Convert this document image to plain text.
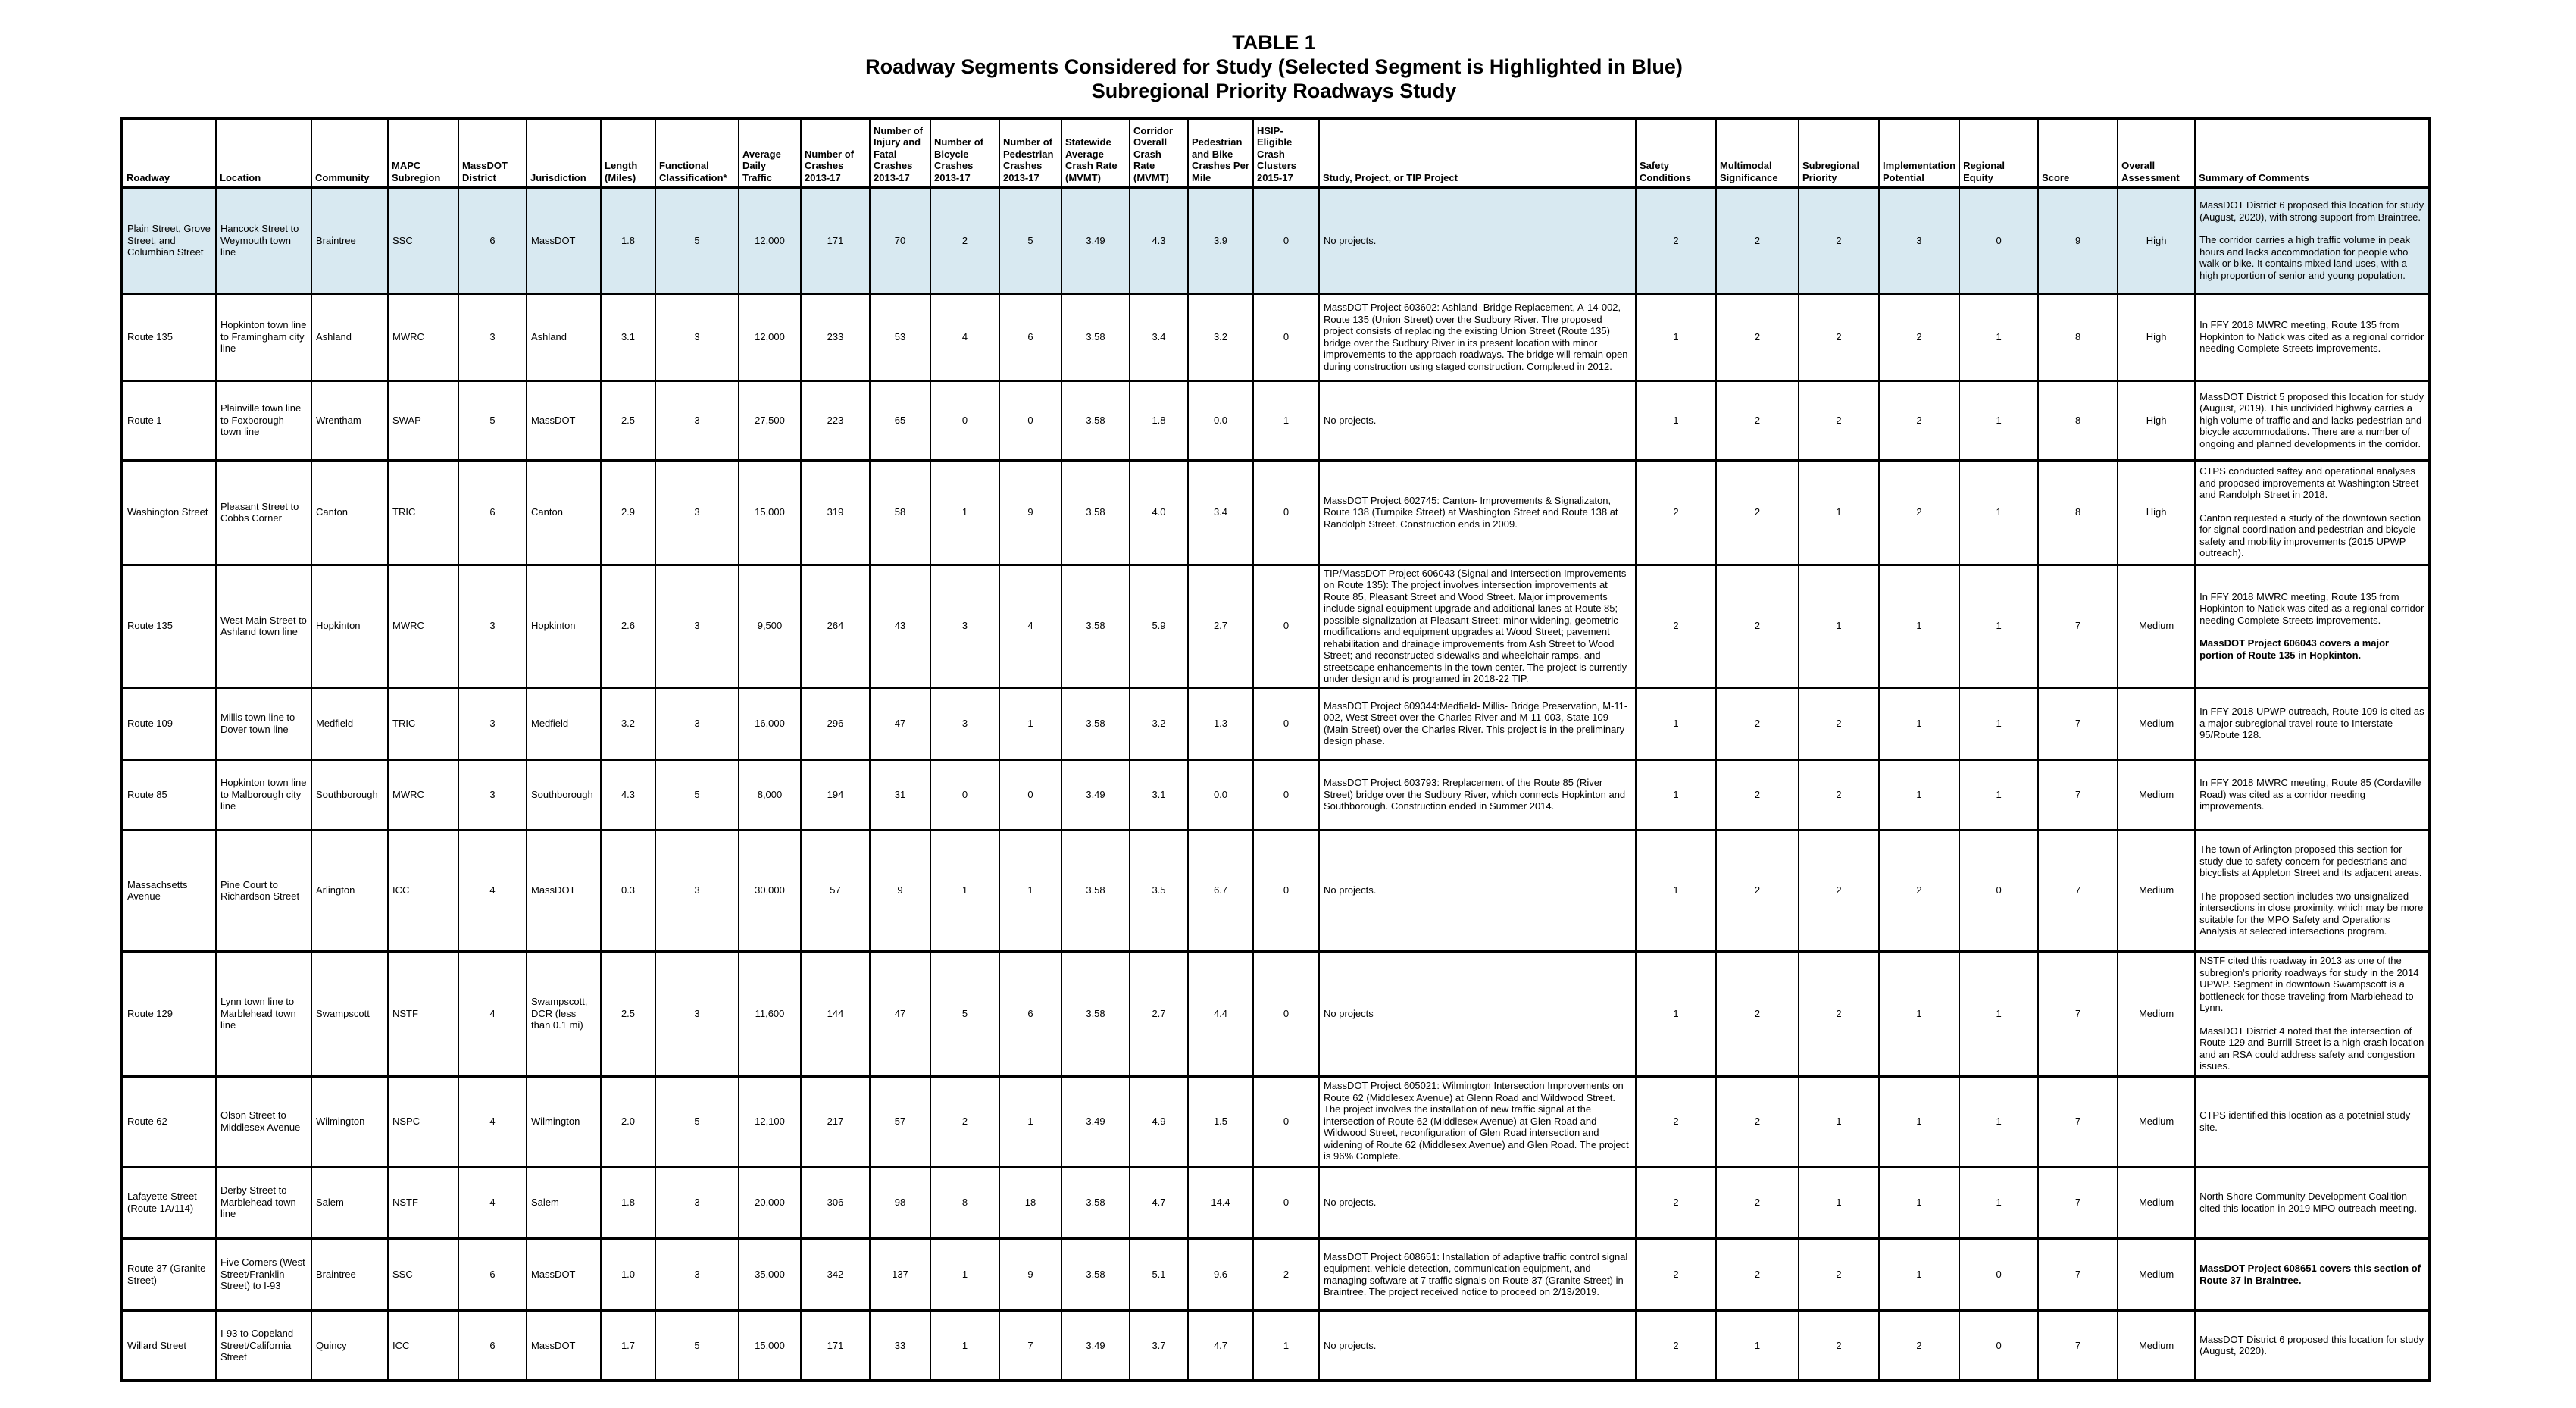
TABLE 1
Roadway Segments Considered for Study (Selected Segment is Highlighted in Blue)
Subregional Priority Roadways Study
Roadway	Location	Community	MAPC Subregion	MassDOT District	Jurisdiction	Length (Miles)	Functional Classification*	Average Daily Traffic	Number of Crashes 2013-17	Number of Injury and Fatal Crashes 2013-17	Number of Bicycle Crashes 2013-17	Number of Pedestrian Crashes 2013-17	Statewide Average Crash Rate (MVMT)	Corridor Overall Crash Rate (MVMT)	Pedestrian and Bike Crashes Per Mile	HSIP-Eligible Crash Clusters 2015-17	Study, Project, or TIP Project	Safety Conditions	Multimodal Significance	Subregional Priority	Implementation Potential	Regional Equity	Score	Overall Assessment	Summary of Comments
Plain Street, Grove Street, and Columbian Street	Hancock Street to Weymouth town line	Braintree	SSC	6	MassDOT	1.8	5	12,000	171	70	2	5	3.49	4.3	3.9	0	No projects.	2	2	2	3	0	9	High	MassDOT District 6 proposed this location for study (August, 2020), with strong support from Braintree.

The corridor carries a high traffic volume in peak hours and lacks accommodation for people who walk or bike. It contains mixed land uses, with a high proportion of senior and young population.

Route 135	Hopkinton town line to Framingham city line	Ashland	MWRC	3	Ashland	3.1	3	12,000	233	53	4	6	3.58	3.4	3.2	0	MassDOT Project 603602: Ashland- Bridge Replacement, A-14-002, Route 135 (Union Street) over the Sudbury River. The proposed project consists of replacing the existing Union Street (Route 135) bridge over the Sudbury River in its present location with minor improvements to the approach roadways. The bridge will remain open during construction using staged construction. Completed in 2012.	1	2	2	2	1	8	High	In FFY 2018 MWRC meeting, Route 135 from Hopkinton to Natick was cited as a regional corridor needing Complete Streets improvements.

Route 1	Plainville town line to Foxborough town line	Wrentham	SWAP	5	MassDOT	2.5	3	27,500	223	65	0	0	3.58	1.8	0.0	1	No projects.	1	2	2	2	1	8	High	MassDOT District 5 proposed this location for study (August, 2019). This undivided highway carries a high volume of traffic and and lacks pedestrian and bicycle accommodations. There are a number of ongoing and planned developments in the corridor.

Washington Street	Pleasant Street to Cobbs Corner	Canton	TRIC	6	Canton	2.9	3	15,000	319	58	1	9	3.58	4.0	3.4	0	MassDOT Project 602745: Canton- Improvements & Signalizaton, Route 138 (Turnpike Street) at Washington Street and Route 138 at Randolph Street. Construction ends in 2009.	2	2	1	2	1	8	High	CTPS conducted saftey and operational analyses and proposed improvements at Washington Street and Randolph Street in 2018.

Canton requested a study of the downtown section for signal coordination and pedestrian and bicycle safety and mobility improvements (2015 UPWP outreach).

Route 135	West Main Street to Ashland town line	Hopkinton	MWRC	3	Hopkinton	2.6	3	9,500	264	43	3	4	3.58	5.9	2.7	0	TIP/MassDOT Project 606043 (Signal and Intersection Improvements on Route 135): The project involves intersection improvements at Route 85, Pleasant Street and Wood Street. Major improvements include signal equipment upgrade and additional lanes at Route 85; possible signalization at Pleasant Street; minor widening, geometric modifications and equipment upgrades at Wood Street; pavement rehabilitation and drainage improvements from Ash Street to Wood Street; and reconstructed sidewalks and wheelchair ramps, and streetscape enhancements in the town center. The project is currently under design and is programed in 2018-22 TIP.	2	2	1	1	1	7	Medium	

In FFY 2018 MWRC meeting, Route 135 from Hopkinton to Natick was cited as a regional corridor needing Complete Streets improvements.

MassDOT Project 606043 covers a major portion of Route 135 in Hopkinton.

Route 109	Millis town line to Dover town line	Medfield	TRIC	3	Medfield	3.2	3	16,000	296	47	3	1	3.58	3.2	1.3	0	MassDOT Project 609344:Medfield- Millis- Bridge Preservation, M-11-002, West Street over the Charles River and M-11-003, State 109 (Main Street) over the Charles River. This project is in the preliminary design phase.	1	2	2	1	1	7	Medium	In FFY 2018 UPWP outreach, Route 109 is cited as a major subregional travel route to Interstate 95/Route 128.

Route 85	Hopkinton town line to Malborough city line	Southborough	MWRC	3	Southborough	4.3	5	8,000	194	31	0	0	3.49	3.1	0.0	0	MassDOT Project 603793: Rreplacement of the Route 85 (River Street) bridge over the Sudbury River, which connects Hopkinton and Southborough. Construction ended in Summer 2014.	1	2	2	1	1	7	Medium	In FFY 2018 MWRC meeting, Route 85 (Cordaville Road) was cited as a corridor needing improvements.

Massachsetts Avenue	Pine Court to Richardson Street	Arlington	ICC	4	MassDOT	0.3	3	30,000	57	9	1	1	3.58	3.5	6.7	0	No projects.	1	2	2	2	0	7	Medium	The town of Arlington proposed this section for study due to safety concern for pedestrians and bicyclists at Appleton Street and its adjacent areas.

The proposed section includes two unsignalized intersections in close proximity, which may be more suitable for the MPO Safety and Operations Analysis at selected intersections program.

Route 129	Lynn town line to Marblehead town line	Swampscott	NSTF	4	Swampscott, DCR (less than 0.1 mi)	2.5	3	11,600	144	47	5	6	3.58	2.7	4.4	0	No projects	1	2	2	1	1	7	Medium	NSTF cited this roadway in 2013 as one of the subregion's priority roadways for study in the 2014 UPWP. Segment in downtown Swampscott is a bottleneck for those traveling from Marblehead to Lynn.

MassDOT District 4 noted that the intersection of Route 129 and Burrill Street is a high crash location and an RSA could address safety and congestion issues.

Route 62	Olson Street to Middlesex Avenue	Wilmington	NSPC	4	Wilmington	2.0	5	12,100	217	57	2	1	3.49	4.9	1.5	0	MassDOT Project 605021: Wilmington Intersection Improvements on Route 62 (Middlesex Avenue) at Glenn Road and Wildwood Street. The project involves the installation of new traffic signal at the intersection of Route 62 (Middlesex Avenue) at Glen Road and Wildwood Street, reconfiguration of Glen Road intersection and widening of Route 62 (Middlesex Avenue) and Glen Road. The project is 96% Complete.	2	2	1	1	1	7	Medium	CTPS identified this location as a potetnial study site.

Lafayette Street (Route 1A/114)	Derby Street to Marblehead town line	Salem	NSTF	4	Salem	1.8	3	20,000	306	98	8	18	3.58	4.7	14.4	0	No projects.	2	2	1	1	1	7	Medium	North Shore Community Development Coalition cited this location in 2019 MPO outreach meeting.

Route 37 (Granite Street)	Five Corners (West Street/Franklin Street) to I-93	Braintree	SSC	6	MassDOT	1.0	3	35,000	342	137	1	9	3.58	5.1	9.6	2	MassDOT Project 608651: Installation of adaptive traffic control signal equipment, vehicle detection, communication equipment, and managing software at 7 traffic signals on Route 37 (Granite Street) in Braintree. The project received notice to proceed on 2/13/2019.	2	2	2	1	0	7	Medium	MassDOT Project 608651 covers this section of Route 37 in Braintree.

Willard Street	I-93 to Copeland Street/California Street	Quincy	ICC	6	MassDOT	1.7	5	15,000	171	33	1	7	3.49	3.7	4.7	1	No projects.	2	1	2	2	0	7	Medium	MassDOT District 6 proposed this location for study (August, 2020).
